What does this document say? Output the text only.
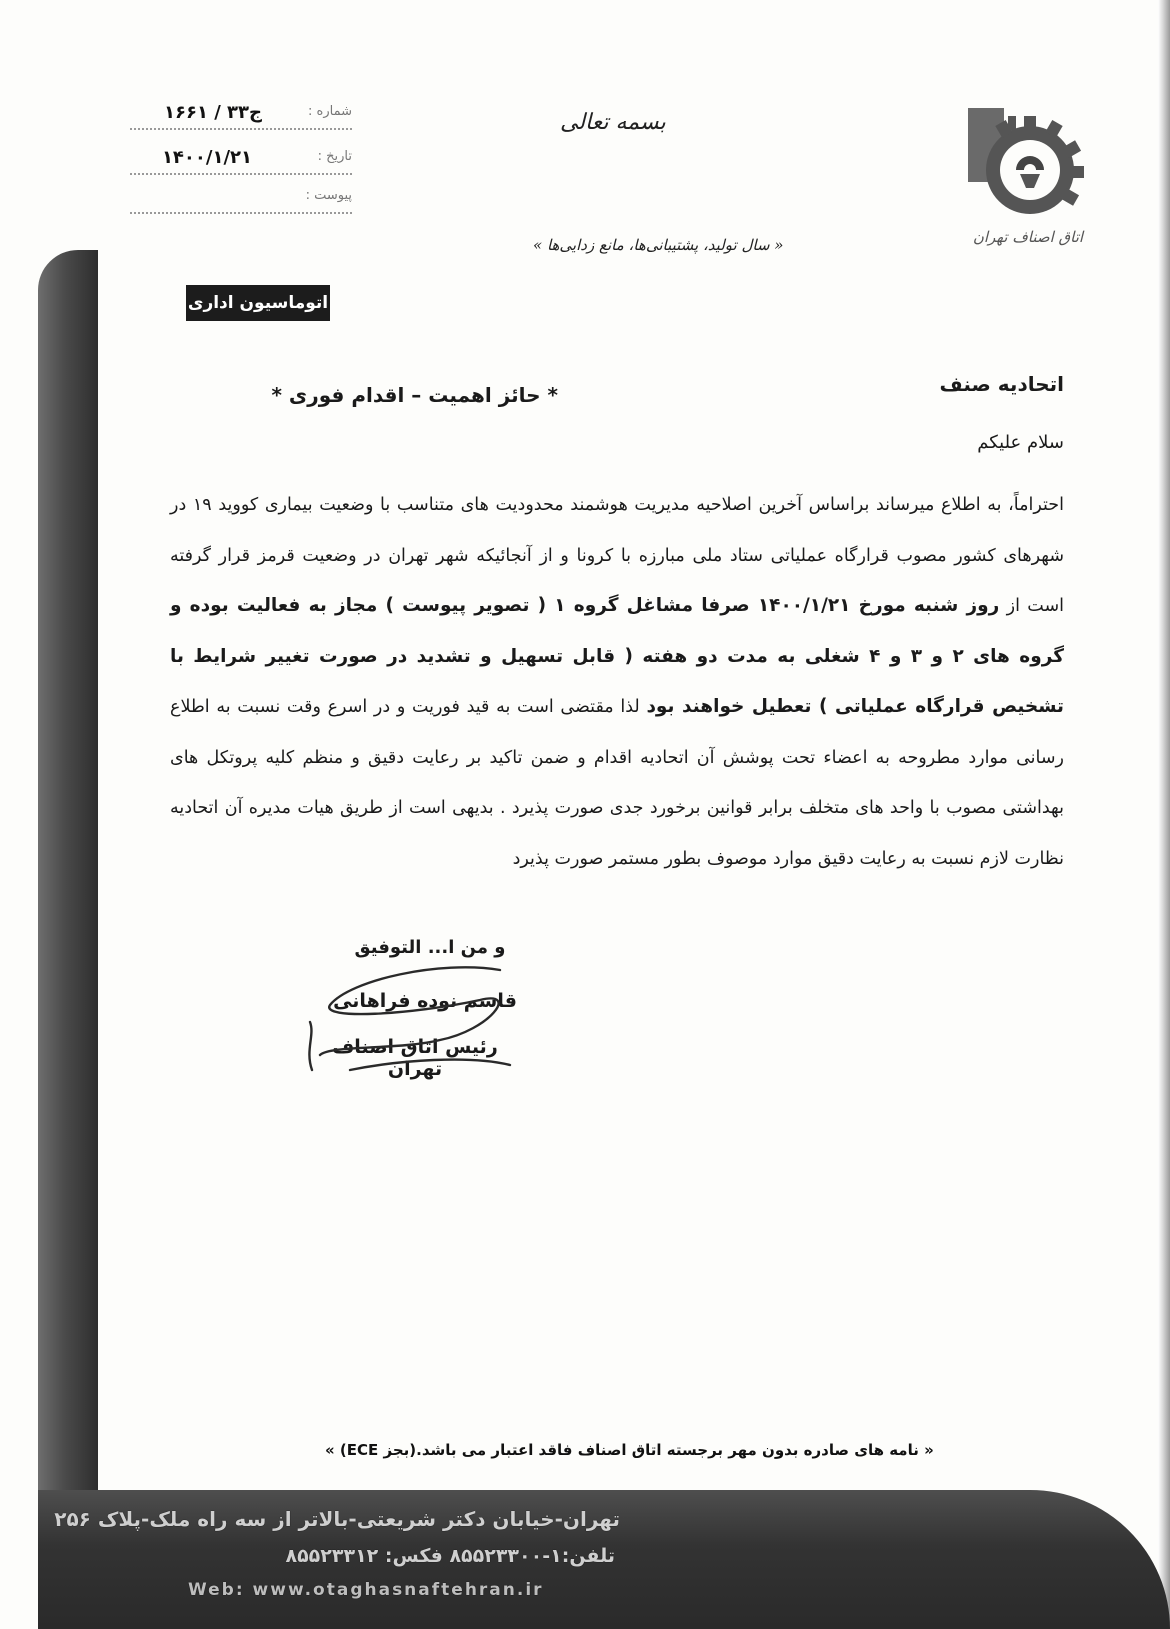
اتاق اصناف تهران
بسمه تعالی
« سال تولید، پشتیبانی‌ها، مانع زدایی‌ها »
شماره :
۱۶۶۱ / ۳۳ج
تاریخ :
۱۴۰۰/۱/۲۱
پیوست :
اتوماسیون اداری
اتحادیه صنف
* حائز اهمیت – اقدام فوری *
سلام علیکم
احتراماً، به اطلاع میرساند براساس آخرین اصلاحیه مدیریت هوشمند محدودیت های متناسب با وضعیت بیماری کووید ۱۹ در شهرهای کشور مصوب قرارگاه عملیاتی ستاد ملی مبارزه با کرونا و از آنجائیکه شهر تهران در وضعیت قرمز قرار گرفته است از روز شنبه مورخ ۱۴۰۰/۱/۲۱ صرفا مشاغل گروه ۱ ( تصویر پیوست ) مجاز به فعالیت بوده و گروه های ۲ و ۳ و ۴ شغلی به مدت دو هفته ( قابل تسهیل و تشدید در صورت تغییر شرایط با تشخیص قرارگاه عملیاتی ) تعطیل خواهند بود لذا مقتضی است به قید فوریت و در اسرع وقت نسبت به اطلاع رسانی موارد مطروحه به اعضاء تحت پوشش آن اتحادیه اقدام و ضمن تاکید بر رعایت دقیق و منظم کلیه پروتکل های بهداشتی مصوب با واحد های متخلف برابر قوانین برخورد جدی صورت پذیرد . بدیهی است از طریق هیات مدیره آن اتحادیه نظارت لازم نسبت به رعایت دقیق موارد موصوف بطور مستمر صورت پذیرد
و من ا... التوفیق
قاسم نوده فراهانی
رئیس اتاق اصناف تهران
« نامه های صادره بدون مهر برجسته اتاق اصناف فاقد اعتبار می باشد.(بجز ECE) »
تهران-خیابان دکتر شریعتی-بالاتر از سه راه ملک-پلاک ۲۵۶
تلفن:۱-۸۵۵۲۳۳۰۰ فکس: ۸۵۵۲۳۳۱۲
Web: www.otaghasnaftehran.ir
